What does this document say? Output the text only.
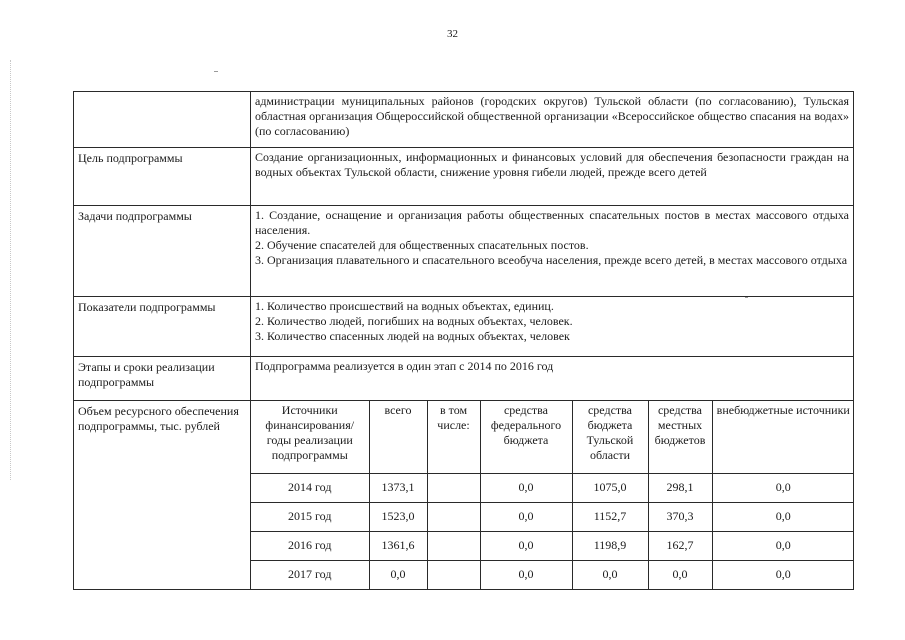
32
	администрации муниципальных районов (городских округов) Тульской области (по согласованию), Тульская областная организация Общероссийской общественной организации «Всероссийское общество спасания на водах» (по согласованию)
Цель подпрограммы	Создание организационных, информационных и финансовых условий для обеспечения безопасности граждан на водных объектах Тульской области, снижение уровня гибели людей, прежде всего детей
Задачи подпрограммы	1. Создание, оснащение и организация работы общественных спасательных постов в местах массового отдыха населения.
2. Обучение спасателей для общественных спасательных постов.
3. Организация плавательного и спасательного всеобуча населения, прежде всего детей, в местах массового отдыха

Показатели подпрограммы	1. Количество происшествий на водных объектах, единиц.
2. Количество людей, погибших на водных объектах, человек.
3. Количество спасенных людей на водных объектах, человек

Этапы и сроки реализации подпрограммы	Подпрограмма реализуется в один этап с 2014 по 2016 год
Объем ресурсного обеспечения подпрограммы, тыс. рублей	
Источники финансирования/ годы реализации подпрограммы	всего	в том числе:	средства федерального бюджета	средства бюджета Тульской области	средства местных бюджетов	внебюджетные источники
2014 год	1373,1		0,0	1075,0	298,1	0,0
2015 год	1523,0		0,0	1152,7	370,3	0,0
2016 год	1361,6		0,0	1198,9	162,7	0,0
2017 год	0,0		0,0	0,0	0,0	0,0
